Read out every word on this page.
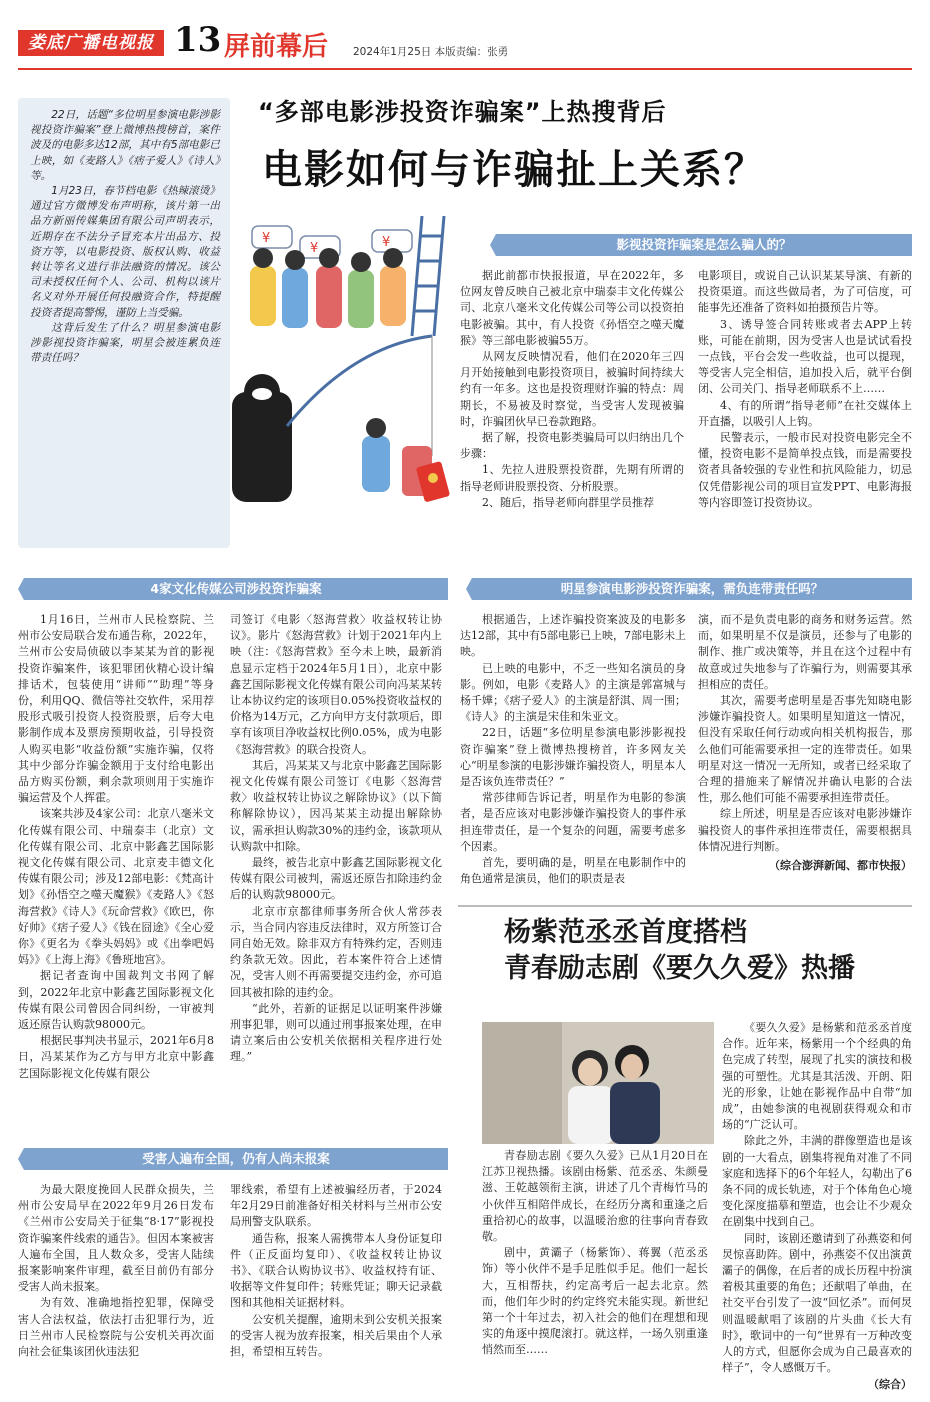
娄底广播电视报 13 屏前幕后 2024年1月25日 本版责编：张勇

22日，话题“多位明星参演电影涉影视投资诈骗案”登上微博热搜榜首，案件波及的电影多达12部，其中有5部电影已上映，如《麦路人》《痞子爱人》《诗人》等。

1月23日，春节档电影《热辣滚烫》通过官方微博发布声明称，该片第一出品方新丽传媒集团有限公司声明表示，近期存在不法分子冒充本片出品方、投资方等，以电影投资、版权认购、收益转让等名义进行非法融资的情况。该公司未授权任何个人、公司、机构以该片名义对外开展任何投融资合作，特提醒投资者提高警惕，谨防上当受骗。

这背后发生了什么？明星参演电影涉影视投资诈骗案，明星会被连累负连带责任吗？

“多部电影涉投资诈骗案”上热搜背后
电影如何与诈骗扯上关系？
¥
¥	¥	影视投资诈骗案是怎么骗人的？

据此前都市快报报道，早在2022年，多位网友曾反映自己被北京中瑞泰丰文化传媒公司、北京八毫米文化传媒公司等公司以投资拍电影被骗。其中，有人投资《孙悟空之噬天魔猴》等三部电影被骗55万。

从网友反映情况看，他们在2020年三四月开始接触到电影投资项目，被骗时间持续大约有一年多。这也是投资理财诈骗的特点：周期长，不易被及时察觉，当受害人发现被骗时，诈骗团伙早已卷款跑路。

据了解，投资电影类骗局可以归纳出几个步骤：

1、先拉人进股票投资群，先期有所谓的指导老师讲股票投资、分析股票。

2、随后，指导老师向群里学员推荐

电影项目，或说自己认识某某导演、有新的投资渠道。而这些做局者，为了可信度，可能事先还准备了资料如拍摄预告片等。

3、诱导签合同转账或者去APP上转账，可能在前期，因为受害人也是试试看投一点钱，平台会发一些收益，也可以提现，等受害人完全相信，追加投入后，就平台倒闭、公司关门、指导老师联系不上……

4、有的所谓“指导老师”在社交媒体上开直播，以吸引人上钩。

民警表示，一般市民对投资电影完全不懂，投资电影不是简单投点钱，而是需要投资者具备较强的专业性和抗风险能力，切忌仅凭借影视公司的项目宣发PPT、电影海报等内容即签订投资协议。

4家文化传媒公司涉投资诈骗案

1月16日，兰州市人民检察院、兰州市公安局联合发布通告称，2022年，兰州市公安局侦破以李某某为首的影视投资诈骗案件，该犯罪团伙精心设计编排话术，包装使用“讲师”“助理”等身份，利用QQ、微信等社交软件，采用荐股形式吸引投资人投资股票，后夸大电影制作成本及票房预期收益，引导投资人购买电影“收益份额”实施诈骗，仅将其中少部分诈骗金额用于支付给电影出品方购买份额，剩余款项则用于实施诈骗运营及个人挥霍。

该案共涉及4家公司：北京八毫米文化传媒有限公司、中瑞泰丰（北京）文化传媒有限公司、北京中影鑫艺国际影视文化传媒有限公司、北京麦丰德文化传媒有限公司；涉及12部电影：《梵高计划》《孙悟空之噬天魔猴》《麦路人》《怒海营救》《诗人》《玩命营救》《欧巴，你好帅》《痞子爱人》《钱在囧途》《全心爱你》《更名为《拳头妈妈》或《出拳吧妈妈》》《上海上海》《鲁班地宫》。

据记者查询中国裁判文书网了解到，2022年北京中影鑫艺国际影视文化传媒有限公司曾因合同纠纷，一审被判返还原告认购款98000元。

根据民事判决书显示，2021年6月8日，冯某某作为乙方与甲方北京中影鑫艺国际影视文化传媒有限公

司签订《电影〈怒海营救〉收益权转让协议》。影片《怒海营救》计划于2021年内上映（注：《怒海营救》至今未上映，最新消息显示定档于2024年5月1日），北京中影鑫艺国际影视文化传媒有限公司向冯某某转让本协议约定的该项目0.05%投资收益权的价格为14万元，乙方向甲方支付款项后，即享有该项目净收益权比例0.05%，成为电影《怒海营救》的联合投资人。

其后，冯某某又与北京中影鑫艺国际影视文化传媒有限公司签订《电影〈怒海营救〉收益权转让协议之解除协议》（以下简称解除协议），因冯某某主动提出解除协议，需承担认购款30%的违约金，该款项从认购款中扣除。

最终，被告北京中影鑫艺国际影视文化传媒有限公司被判，需返还原告扣除违约金后的认购款98000元。

北京市京都律师事务所合伙人常莎表示，当合同内容违反法律时，双方所签订合同自始无效。除非双方有特殊约定，否则违约条款无效。因此，若本案件符合上述情况，受害人则不再需要提交违约金，亦可追回其被扣除的违约金。

“此外，若新的证据足以证明案件涉嫌刑事犯罪，则可以通过刑事报案处理，在申请立案后由公安机关依据相关程序进行处理。”

明星参演电影涉投资诈骗案，需负连带责任吗？

根据通告，上述诈骗投资案波及的电影多达12部，其中有5部电影已上映，7部电影未上映。

已上映的电影中，不乏一些知名演员的身影。例如，电影《麦路人》的主演是郭富城与杨千嬅；《痞子爱人》的主演是舒淇、周一围；《诗人》的主演是宋佳和朱亚文。

22日，话题“多位明星参演电影涉影视投资诈骗案”登上微博热搜榜首，许多网友关心“明星参演的电影涉嫌诈骗投资人，明星本人是否该负连带责任？”

常莎律师告诉记者，明星作为电影的参演者，是否应该对电影涉嫌诈骗投资人的事件承担连带责任，是一个复杂的问题，需要考虑多个因素。

首先，要明确的是，明星在电影制作中的角色通常是演员，他们的职责是表

演，而不是负责电影的商务和财务运营。然而，如果明星不仅是演员，还参与了电影的制作、推广或决策等，并且在这个过程中有故意或过失地参与了诈骗行为，则需要其承担相应的责任。

其次，需要考虑明星是否事先知晓电影涉嫌诈骗投资人。如果明星知道这一情况，但没有采取任何行动或向相关机构报告，那么他们可能需要承担一定的连带责任。如果明星对这一情况一无所知，或者已经采取了合理的措施来了解情况并确认电影的合法性，那么他们可能不需要承担连带责任。

综上所述，明星是否应该对电影涉嫌诈骗投资人的事件承担连带责任，需要根据具体情况进行判断。

（综合澎湃新闻、都市快报）

受害人遍布全国，仍有人尚未报案

为最大限度挽回人民群众损失，兰州市公安局早在2022年9月26日发布《兰州市公安局关于征集“8·17”影视投资诈骗案件线索的通告》。但因本案被害人遍布全国，且人数众多，受害人陆续报案影响案件审理，截至目前仍有部分受害人尚未报案。

为有效、准确地指控犯罪，保障受害人合法权益，依法打击犯罪行为，近日兰州市人民检察院与公安机关再次面向社会征集该团伙违法犯

罪线索，希望有上述被骗经历者，于2024年2月29日前准备好相关材料与兰州市公安局刑警支队联系。

通告称，报案人需携带本人身份证复印件（正反面均复印）、《收益权转让协议书》、《联合认购协议书》、收益权持有证、收据等文件复印件；转账凭证；聊天记录截图和其他相关证据材料。

公安机关提醒，逾期未到公安机关报案的受害人视为放弃报案，相关后果由个人承担，希望相互转告。

杨紫范丞丞首度搭档
青春励志剧《要久久爱》热播

青春励志剧《要久久爱》已从1月20日在江苏卫视热播。该剧由杨紫、范丞丞、朱颜曼滋、王乾越领衔主演，讲述了几个青梅竹马的小伙伴互相陪伴成长，在经历分离和重逢之后重拾初心的故事，以温暖治愈的往事向青春致敬。

剧中，黄灞子（杨紫饰）、蒋翼（范丞丞饰）等小伙伴不是手足胜似手足。他们一起长大，互相帮扶，约定高考后一起去北京。然而，他们年少时的约定终究未能实现。新世纪第一个十年过去，初入社会的他们在理想和现实的角逐中摸爬滚打。就这样，一场久别重逢悄然而至……

《要久久爱》是杨紫和范丞丞首度合作。近年来，杨紫用一个个经典的角色完成了转型，展现了扎实的演技和极强的可塑性。尤其是其活泼、开朗、阳光的形象，让她在影视作品中自带“加成”，由她参演的电视剧获得观众和市场的“广泛认可。

除此之外，丰满的群像塑造也是该剧的一大看点，剧集将视角对准了不同家庭和选择下的6个年轻人，勾勒出了6条不同的成长轨迹，对于个体角色心境变化深度描摹和塑造，也会让不少观众在剧集中找到自己。

同时，该剧还邀请到了孙燕姿和何炅惊喜助阵。剧中，孙燕姿不仅出演黄灞子的偶像，在后者的成长历程中扮演着极其重要的角色；还献唱了单曲，在社交平台引发了一波“回忆杀”。而何炅则温暖献唱了该剧的片头曲《长大有时》，歌词中的一句“世界有一万种改变人的方式，但愿你会成为自己最喜欢的样子”，令人感慨万千。

（综合）
